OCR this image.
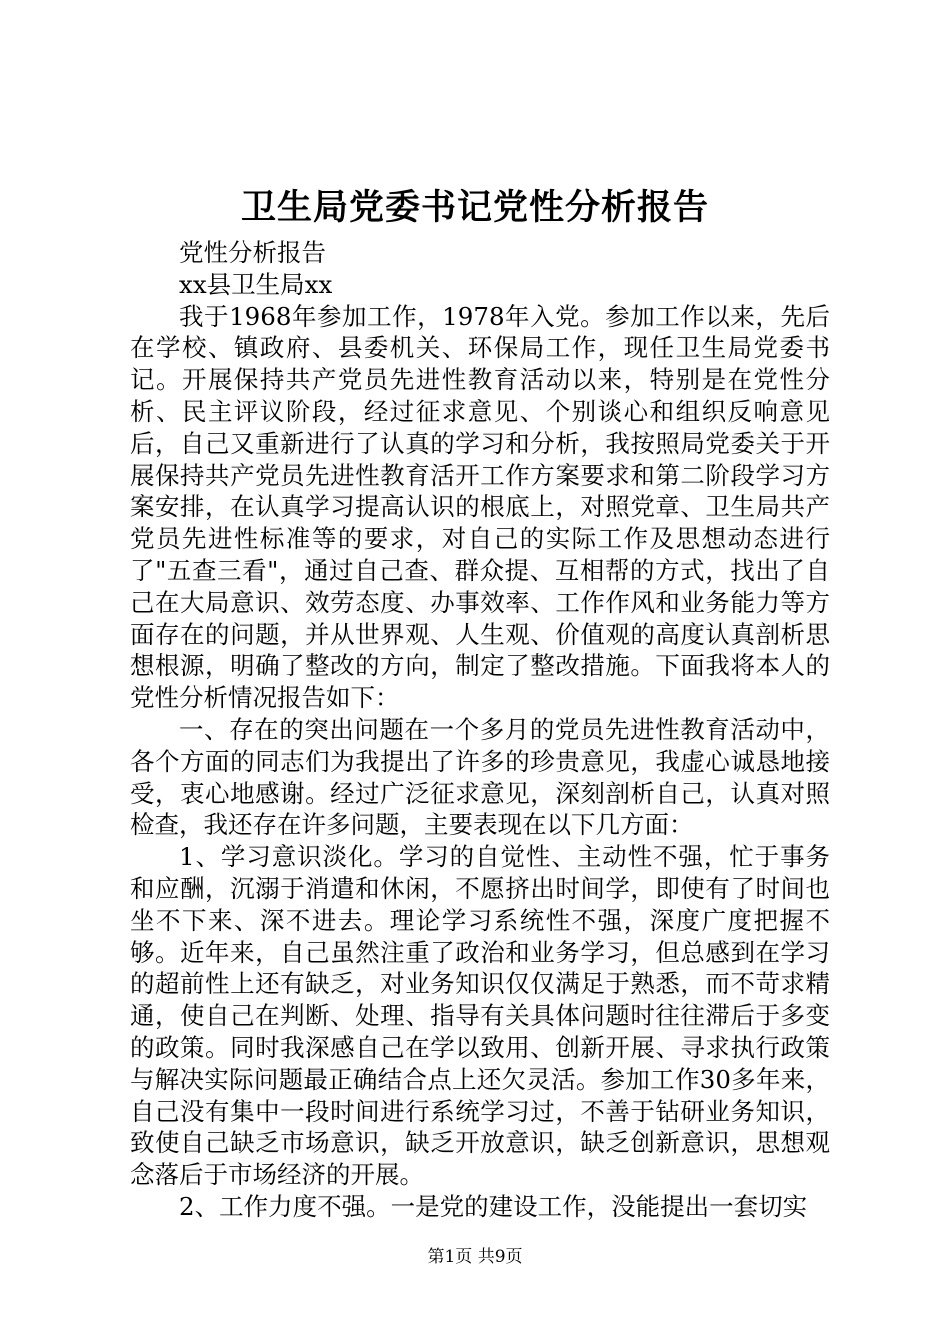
卫生局党委书记党性分析报告

党性分析报告

xx县卫生局xx

我于1968年参加工作，1978年入党。参加工作以来，先后在学校、镇政府、县委机关、环保局工作，现任卫生局党委书记。开展保持共产党员先进性教育活动以来，特别是在党性分析、民主评议阶段，经过征求意见、个别谈心和组织反响意见后，自己又重新进行了认真的学习和分析，我按照局党委关于开展保持共产党员先进性教育活开工作方案要求和第二阶段学习方案安排，在认真学习提高认识的根底上，对照党章、卫生局共产党员先进性标准等的要求，对自己的实际工作及思想动态进行了"五查三看"，通过自己查、群众提、互相帮的方式，找出了自己在大局意识、效劳态度、办事效率、工作作风和业务能力等方面存在的问题，并从世界观、人生观、价值观的高度认真剖析思想根源，明确了整改的方向，制定了整改措施。下面我将本人的党性分析情况报告如下：

一、存在的突出问题在一个多月的党员先进性教育活动中，各个方面的同志们为我提出了许多的珍贵意见，我虚心诚恳地接受，衷心地感谢。经过广泛征求意见，深刻剖析自己，认真对照检查，我还存在许多问题，主要表现在以下几方面：

1、学习意识淡化。学习的自觉性、主动性不强，忙于事务和应酬，沉溺于消遣和休闲，不愿挤出时间学，即使有了时间也坐不下来、深不进去。理论学习系统性不强，深度广度把握不够。近年来，自己虽然注重了政治和业务学习，但总感到在学习的超前性上还有缺乏，对业务知识仅仅满足于熟悉，而不苛求精通，使自己在判断、处理、指导有关具体问题时往往滞后于多变的政策。同时我深感自己在学以致用、创新开展、寻求执行政策与解决实际问题最正确结合点上还欠灵活。参加工作30多年来，自己没有集中一段时间进行系统学习过，不善于钻研业务知识，致使自己缺乏市场意识，缺乏开放意识，缺乏创新意识，思想观念落后于市场经济的开展。

2、工作力度不强。一是党的建设工作，没能提出一套切实

第1页 共9页
